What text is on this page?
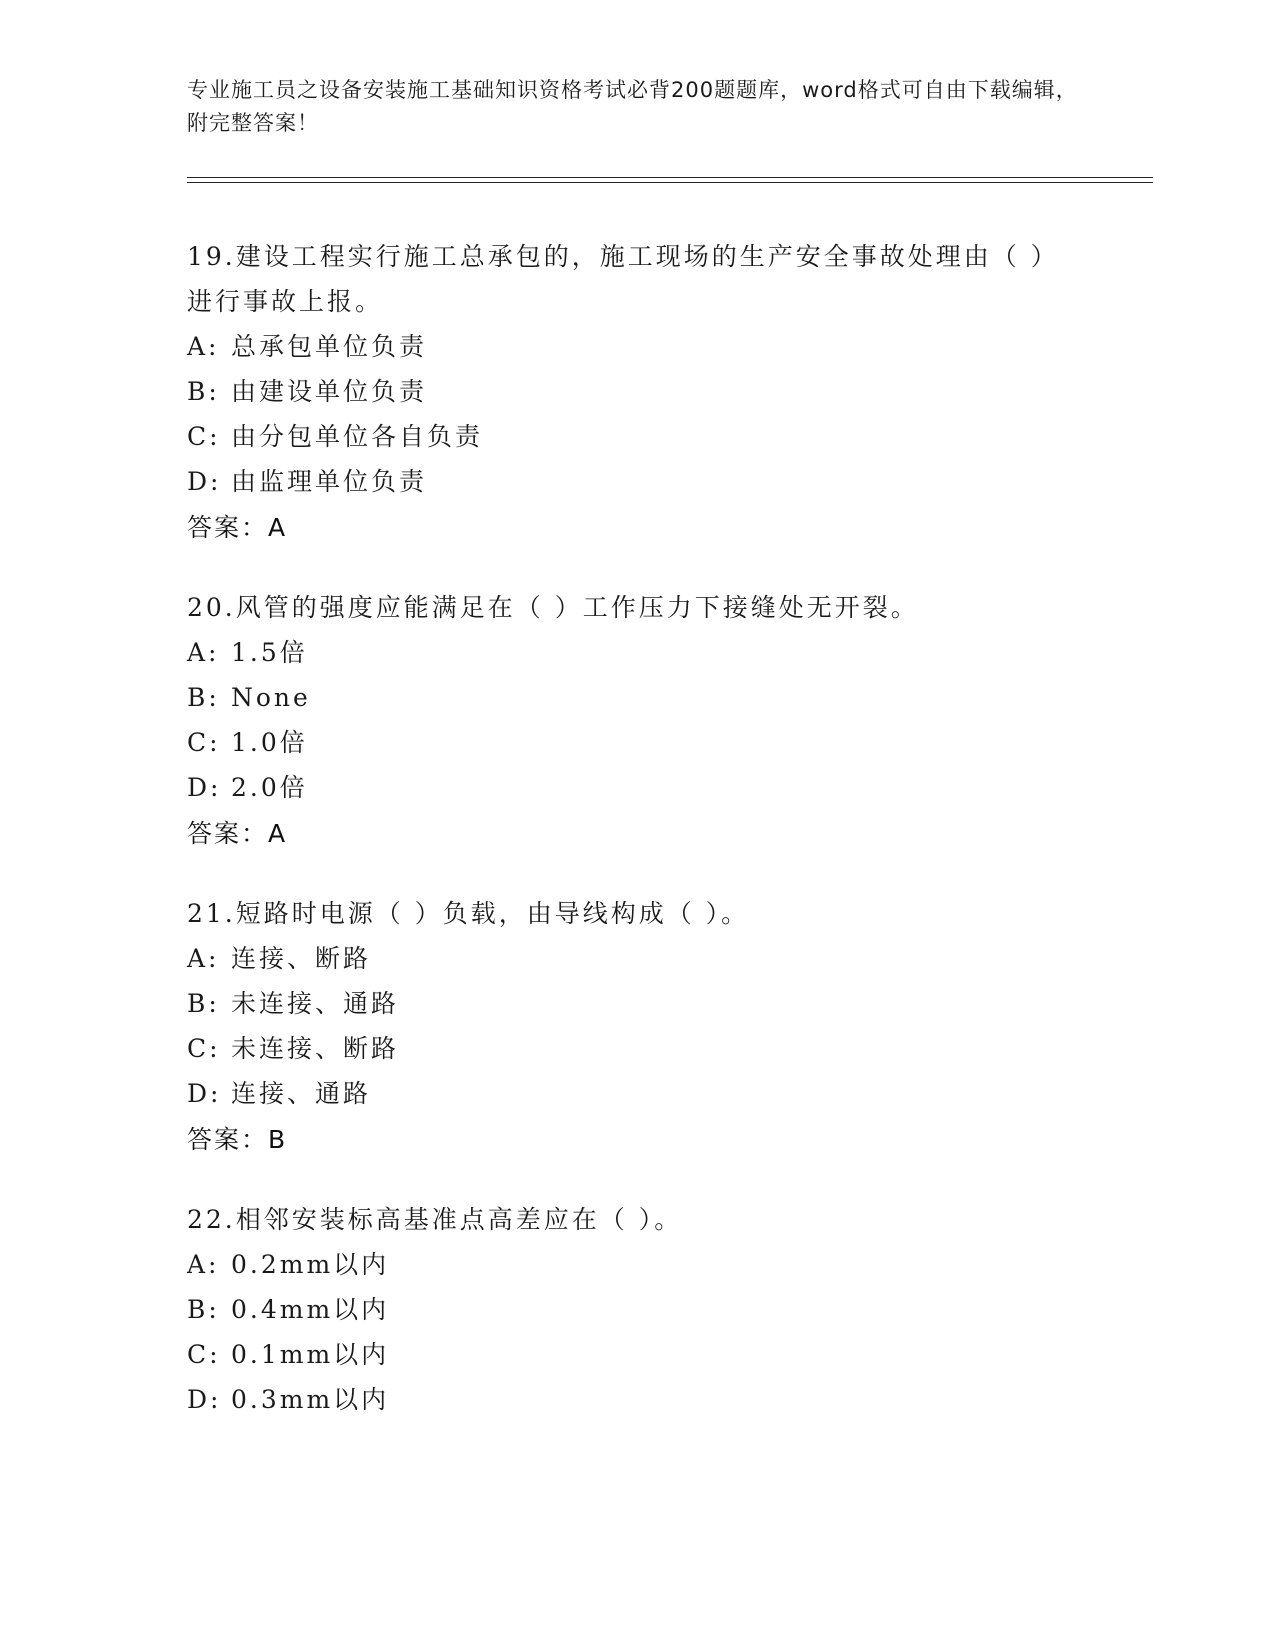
专业施工员之设备安装施工基础知识资格考试必背200题题库，word格式可自由下载编辑，附完整答案！

19.建设工程实行施工总承包的，施工现场的生产安全事故处理由（ ）进行事故上报。

A: 总承包单位负责

B: 由建设单位负责

C: 由分包单位各自负责

D: 由监理单位负责

答案：A

20.风管的强度应能满足在（ ）工作压力下接缝处无开裂。

A: 1.5倍

B: None

C: 1.0倍

D: 2.0倍

答案：A

21.短路时电源（ ）负载，由导线构成（ ）。

A: 连接、断路

B: 未连接、通路

C: 未连接、断路

D: 连接、通路

答案：B

22.相邻安装标高基准点高差应在（ ）。

A: 0.2mm以内

B: 0.4mm以内

C: 0.1mm以内

D: 0.3mm以内
